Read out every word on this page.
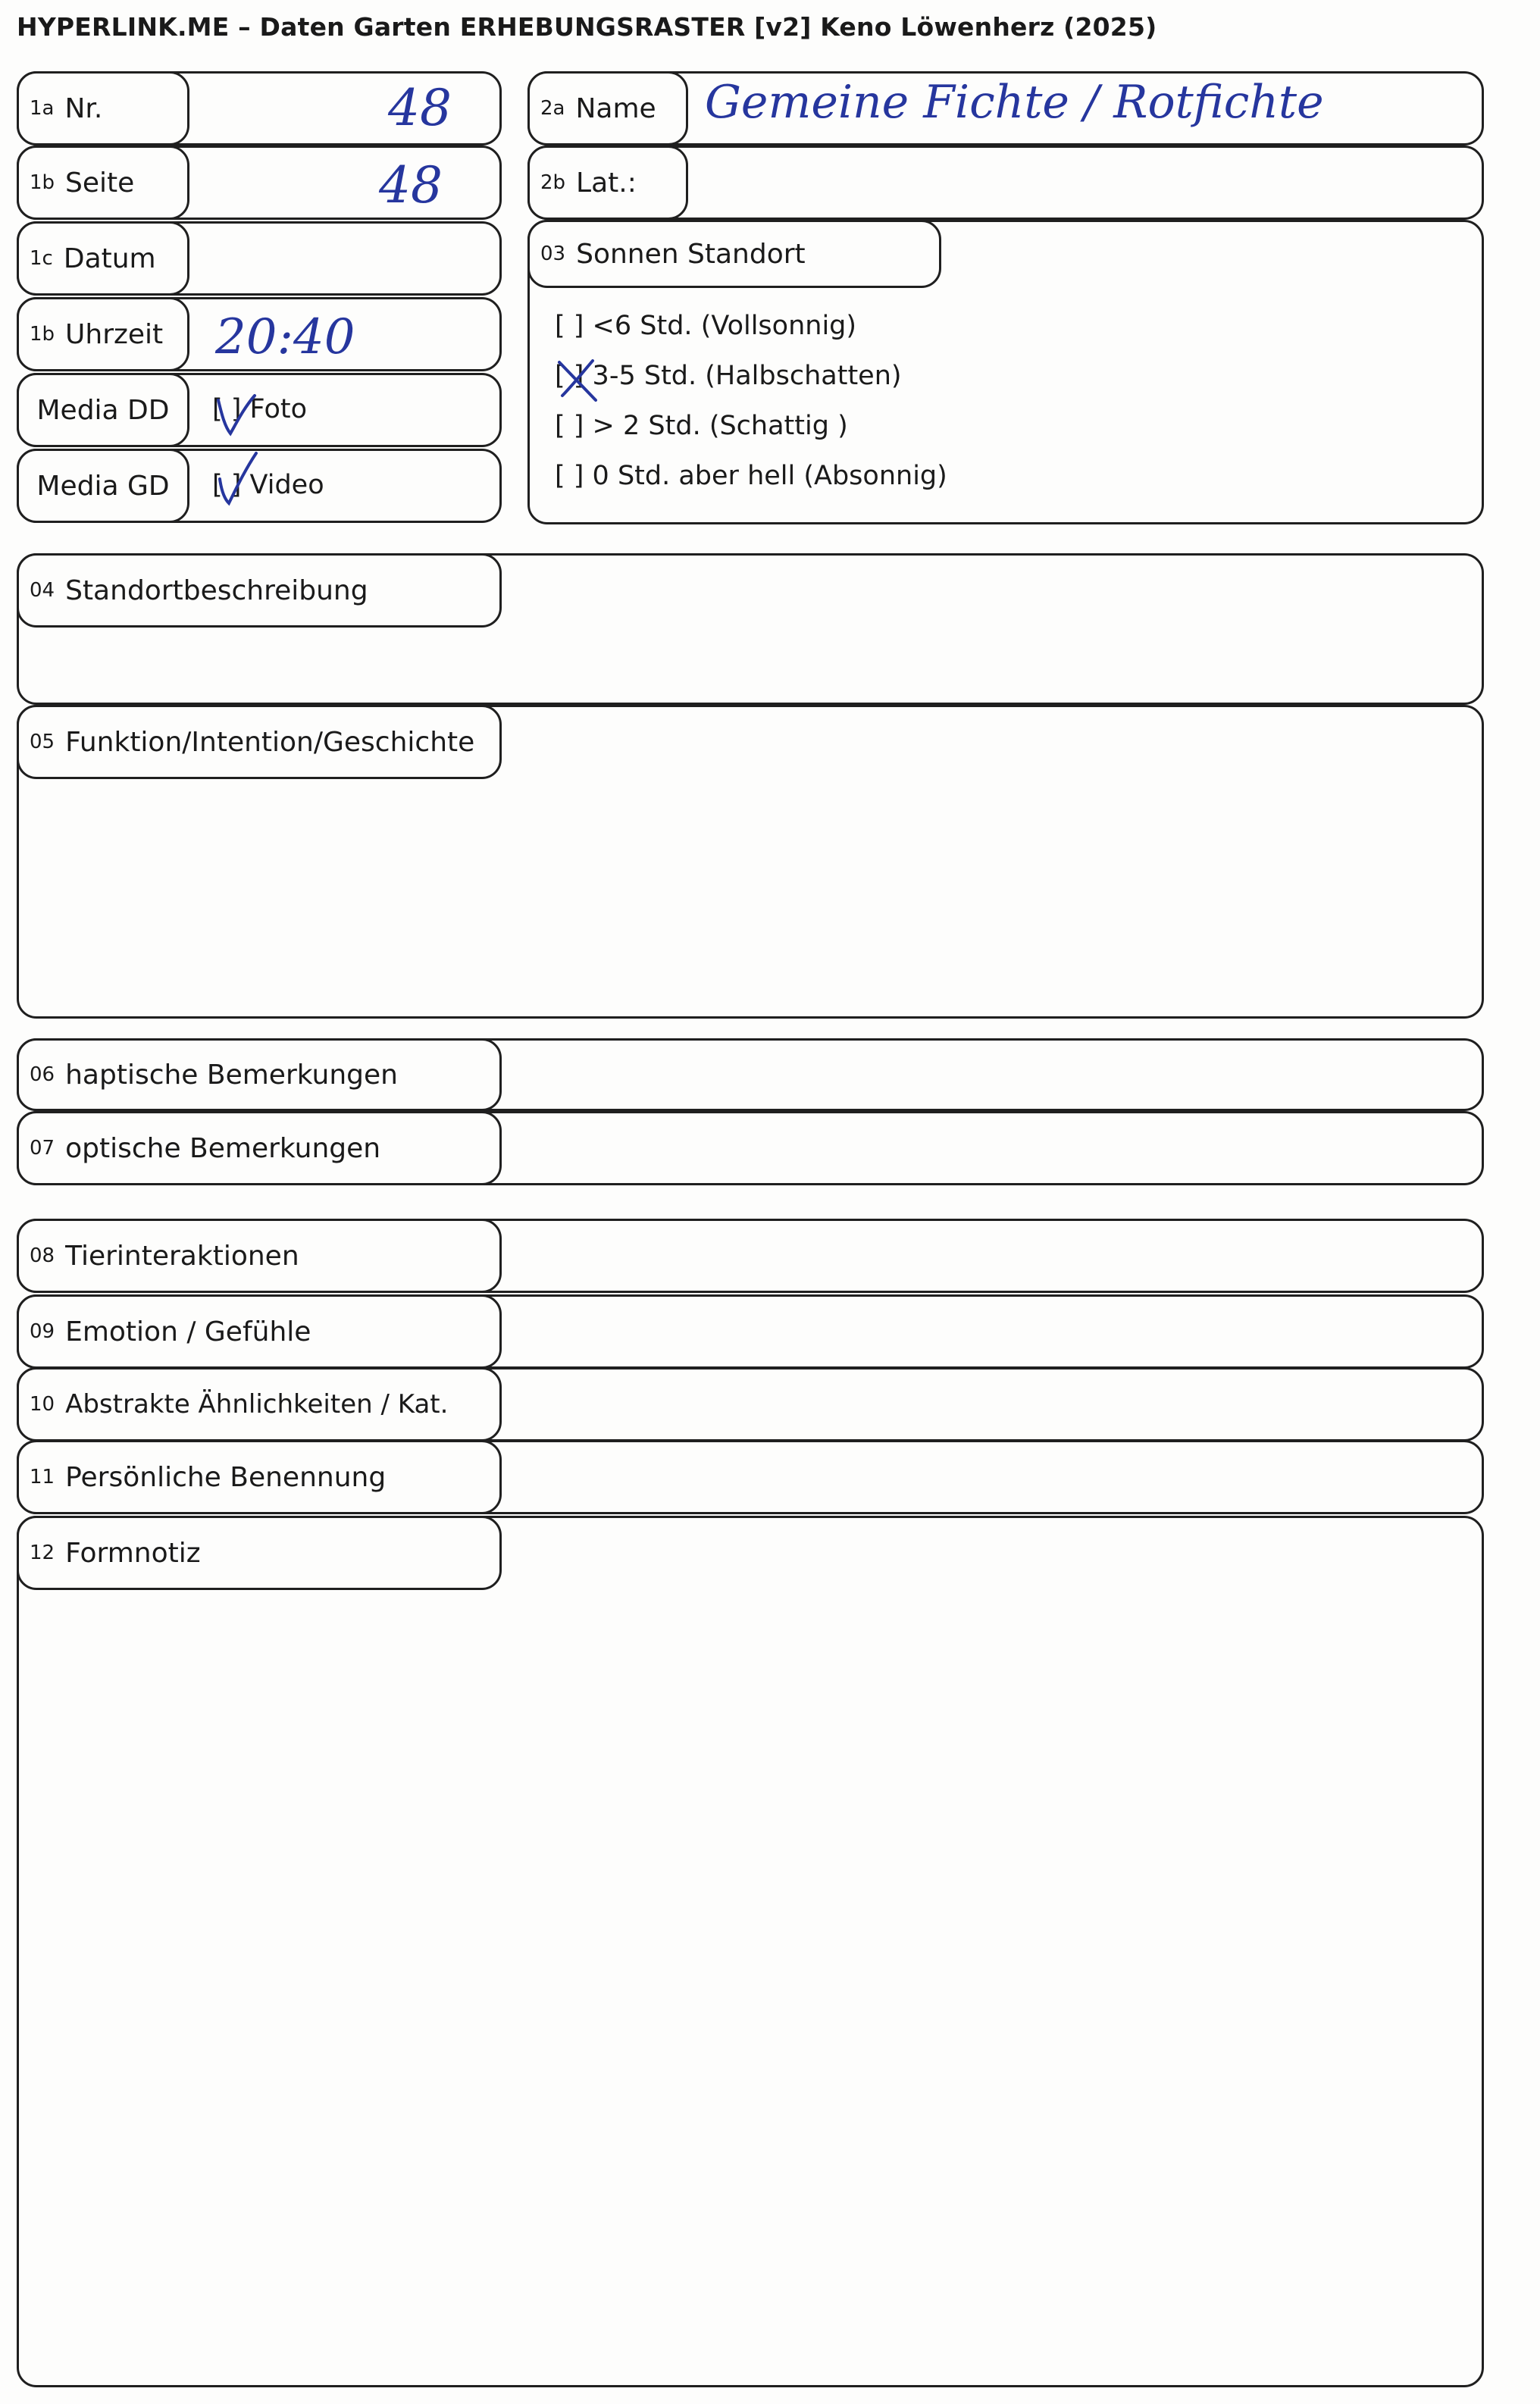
HYPERLINK.ME – Daten Garten ERHEBUNGSRASTER [v2] Keno Löwenherz (2025)
1a Nr.	48
1b Seite	48
1c Datum
1b Uhrzeit 20:40
Media DD [ ] Foto
Media GD [ ] Video
2a Name Gemeine Fichte / Rotfichte
2b Lat.:
03 Sonnen Standort
[ ] <6 Std. (Vollsonnig)
[ ] 3-5 Std. (Halbschatten)
[ ] > 2 Std. (Schattig )
[ ] 0 Std. aber hell (Absonnig)
04 Standortbeschreibung
05 Funktion/Intention/Geschichte
06 haptische Bemerkungen
07 optische Bemerkungen
08 Tierinteraktionen
09 Emotion / Gefühle
10 Abstrakte Ähnlichkeiten / Kat.
11 Persönliche Benennung
12 Formnotiz
